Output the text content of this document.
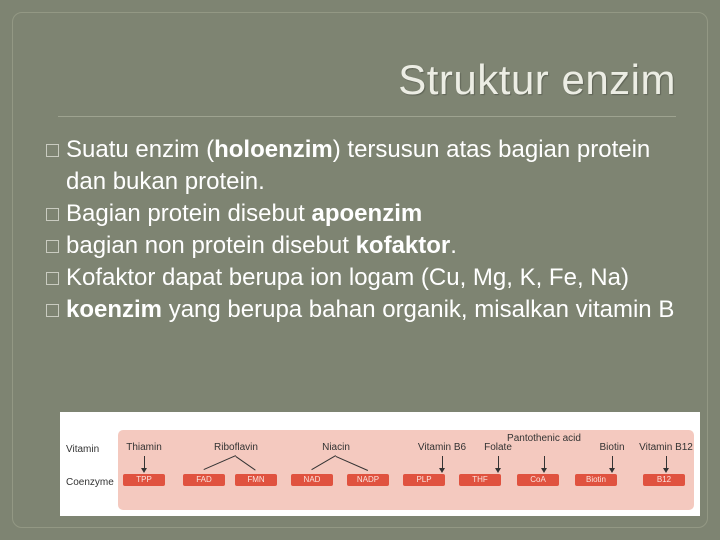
Struktur enzim

Suatu enzim (holoenzim) tersusun atas bagian protein dan bukan protein.

Bagian protein disebut apoenzim

bagian non protein disebut kofaktor.

Kofaktor dapat berupa ion logam (Cu, Mg, K, Fe, Na)

koenzim yang berupa bahan organik, misalkan vitamin B

Vitamin
Coenzyme
Thiamin	Riboflavin	Niacin	Vitamin B6 Folate
Pantothenic acid
Biotin Vitamin B12
TPP	FAD	FMN	NAD	NADP	PLP	THF	CoA	Biotin	B12
